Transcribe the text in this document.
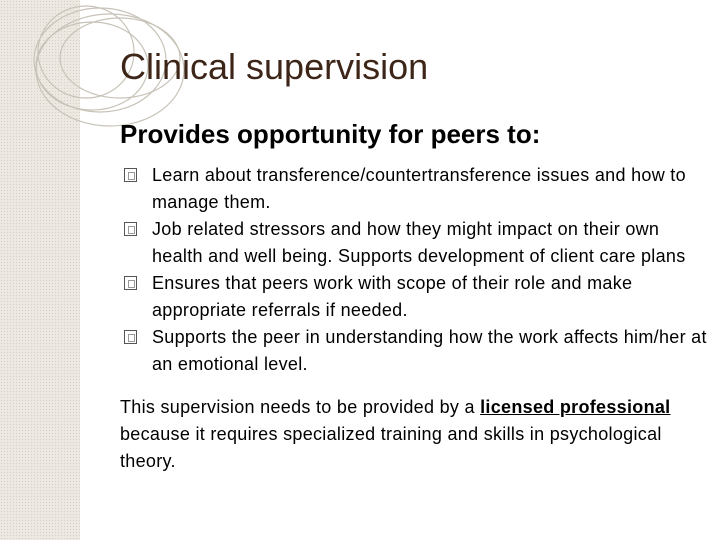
Clinical supervision
Provides opportunity for peers to:
Learn about transference/countertransference issues and how to manage them.
Job related stressors and how they might impact on their own health and well being. Supports development of client care plans
Ensures that peers work with scope of their role and make appropriate referrals if needed.
Supports the peer in understanding how the work affects him/her at an emotional level.

This supervision needs to be provided by a licensed professional because it requires specialized training and skills in psychological theory.
